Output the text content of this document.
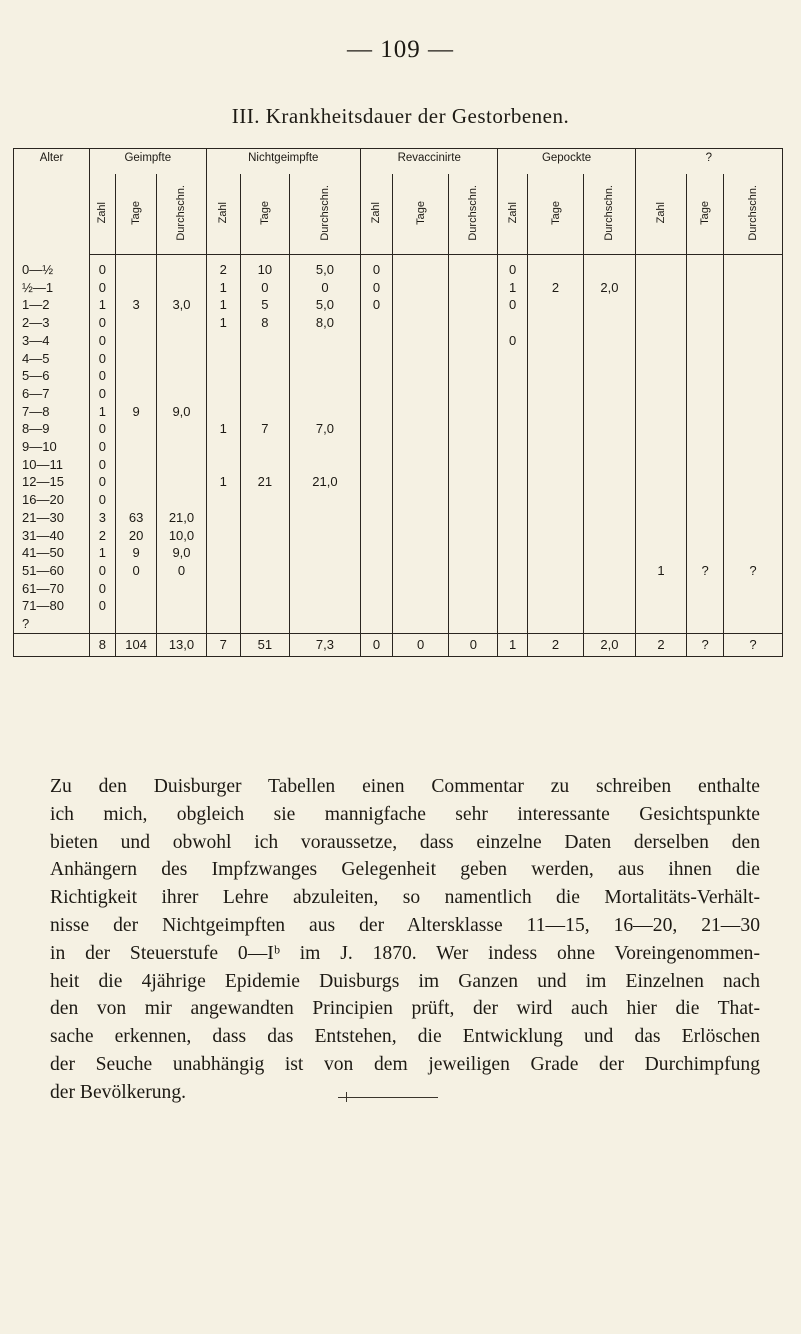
— 109 —
III. Krankheitsdauer der Gestorbenen.
Alter	Geimpfte			Nichtgeimpfte			Revaccinirte			Gepockte			?		
	Zahl	Tage	Durchschn.	Zahl	Tage	Durchschn.	Zahl	Tage	Durchschn.	Zahl	Tage	Durchschn.	Zahl	Tage	Durchschn.
0—½	0			2	10	5,0	0			0					
½—1	0			1	0	0	0			1	2	2,0			
1—2	1	3	3,0	1	5	5,0	0			0					
2—3	0			1	8	8,0									
3—4	0									0					
4—5	0														
5—6	0														
6—7	0														
7—8	1	9	9,0												
8—9	0			1	7	7,0									
9—10	0														
10—11	0														
12—15	0			1	21	21,0									
16—20	0														
21—30	3	63	21,0												
31—40	2	20	10,0												
41—50	1	9	9,0												
51—60	0	0	0										1	?	?
61—70	0														
71—80	0														
?															
	8	104	13,0	7	51	7,3	0	0	0	1	2	2,0	2	?	?
Zu den Duisburger Tabellen einen Commentar zu schreiben enthalte
ich mich, obgleich sie mannigfache sehr interessante Gesichtspunkte
bieten und obwohl ich voraussetze, dass einzelne Daten derselben den
Anhängern des Impfzwanges Gelegenheit geben werden, aus ihnen die
Richtigkeit ihrer Lehre abzuleiten, so namentlich die Mortalitäts-Verhält-
nisse der Nichtgeimpften aus der Altersklasse 11—15, 16—20, 21—30
in der Steuerstufe 0—Iᵇ im J. 1870. Wer indess ohne Voreingenommen-
heit die 4jährige Epidemie Duisburgs im Ganzen und im Einzelnen nach
den von mir angewandten Principien prüft, der wird auch hier die That-
sache erkennen, dass das Entstehen, die Entwicklung und das Erlöschen
der Seuche unabhängig ist von dem jeweiligen Grade der Durchimpfung
der Bevölkerung.
